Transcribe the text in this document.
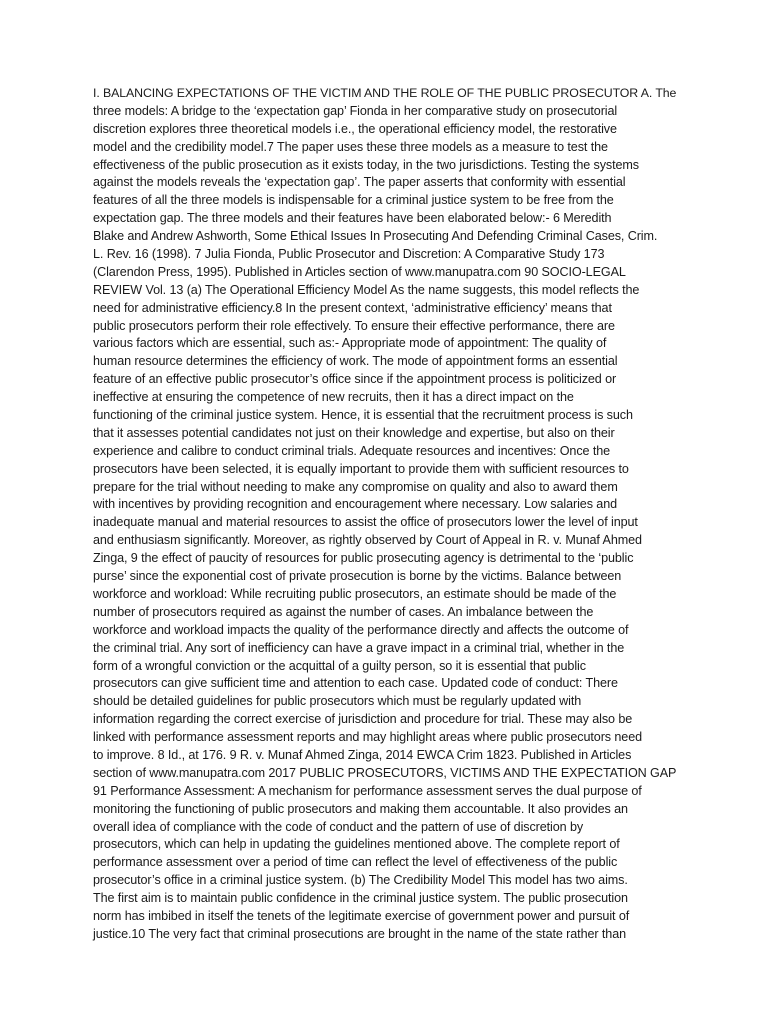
I. BALANCING EXPECTATIONS OF THE VICTIM AND THE ROLE OF THE PUBLIC PROSECUTOR A. The
three models: A bridge to the ‘expectation gap’ Fionda in her comparative study on prosecutorial
discretion explores three theoretical models i.e., the operational efficiency model, the restorative
model and the credibility model.7 The paper uses these three models as a measure to test the
effectiveness of the public prosecution as it exists today, in the two jurisdictions. Testing the systems
against the models reveals the ‘expectation gap’. The paper asserts that conformity with essential
features of all the three models is indispensable for a criminal justice system to be free from the
expectation gap. The three models and their features have been elaborated below:- 6 Meredith
Blake and Andrew Ashworth, Some Ethical Issues In Prosecuting And Defending Criminal Cases, Crim.
L. Rev. 16 (1998). 7 Julia Fionda, Public Prosecutor and Discretion: A Comparative Study 173
(Clarendon Press, 1995). Published in Articles section of www.manupatra.com 90 SOCIO-LEGAL
REVIEW Vol. 13 (a) The Operational Efficiency Model As the name suggests, this model reflects the
need for administrative efficiency.8 In the present context, ‘administrative efficiency’ means that
public prosecutors perform their role effectively. To ensure their effective performance, there are
various factors which are essential, such as:- Appropriate mode of appointment: The quality of
human resource determines the efficiency of work. The mode of appointment forms an essential
feature of an effective public prosecutor’s office since if the appointment process is politicized or
ineffective at ensuring the competence of new recruits, then it has a direct impact on the
functioning of the criminal justice system. Hence, it is essential that the recruitment process is such
that it assesses potential candidates not just on their knowledge and expertise, but also on their
experience and calibre to conduct criminal trials. Adequate resources and incentives: Once the
prosecutors have been selected, it is equally important to provide them with sufficient resources to
prepare for the trial without needing to make any compromise on quality and also to award them
with incentives by providing recognition and encouragement where necessary. Low salaries and
inadequate manual and material resources to assist the office of prosecutors lower the level of input
and enthusiasm significantly. Moreover, as rightly observed by Court of Appeal in R. v. Munaf Ahmed
Zinga, 9 the effect of paucity of resources for public prosecuting agency is detrimental to the ‘public
purse’ since the exponential cost of private prosecution is borne by the victims. Balance between
workforce and workload: While recruiting public prosecutors, an estimate should be made of the
number of prosecutors required as against the number of cases. An imbalance between the
workforce and workload impacts the quality of the performance directly and affects the outcome of
the criminal trial. Any sort of inefficiency can have a grave impact in a criminal trial, whether in the
form of a wrongful conviction or the acquittal of a guilty person, so it is essential that public
prosecutors can give sufficient time and attention to each case. Updated code of conduct: There
should be detailed guidelines for public prosecutors which must be regularly updated with
information regarding the correct exercise of jurisdiction and procedure for trial. These may also be
linked with performance assessment reports and may highlight areas where public prosecutors need
to improve. 8 Id., at 176. 9 R. v. Munaf Ahmed Zinga, 2014 EWCA Crim 1823. Published in Articles
section of www.manupatra.com 2017 PUBLIC PROSECUTORS, VICTIMS AND THE EXPECTATION GAP
91 Performance Assessment: A mechanism for performance assessment serves the dual purpose of
monitoring the functioning of public prosecutors and making them accountable. It also provides an
overall idea of compliance with the code of conduct and the pattern of use of discretion by
prosecutors, which can help in updating the guidelines mentioned above. The complete report of
performance assessment over a period of time can reflect the level of effectiveness of the public
prosecutor’s office in a criminal justice system. (b) The Credibility Model This model has two aims.
The first aim is to maintain public confidence in the criminal justice system. The public prosecution
norm has imbibed in itself the tenets of the legitimate exercise of government power and pursuit of
justice.10 The very fact that criminal prosecutions are brought in the name of the state rather than
